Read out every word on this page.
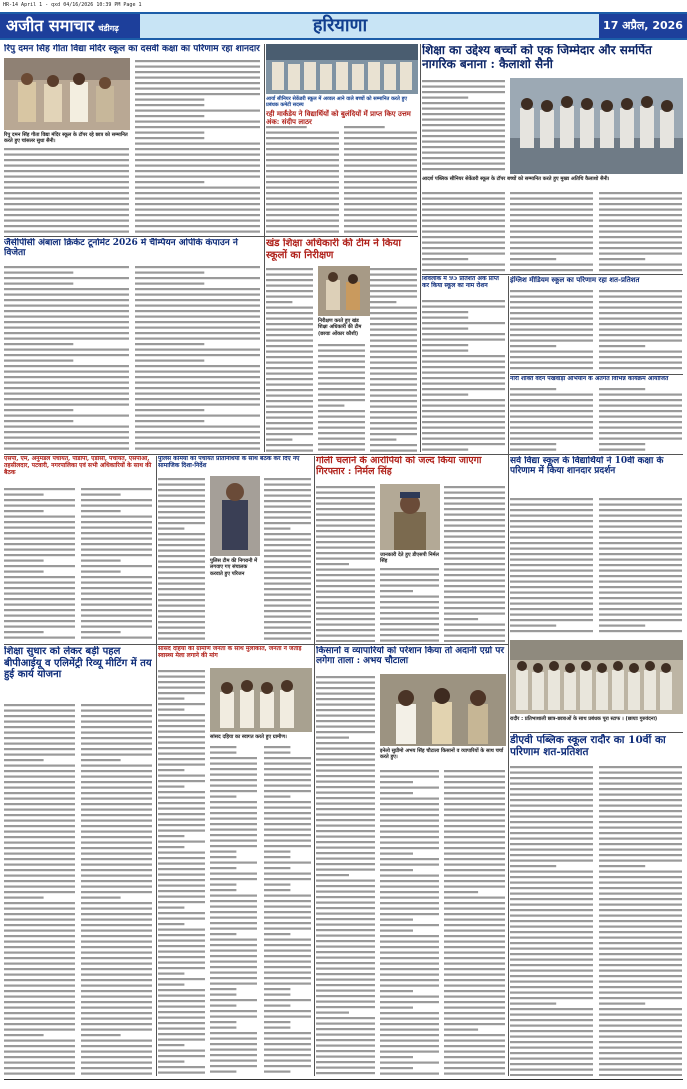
HR-14 April 1 - qxd 04/16/2026 10:39 PM Page 1
अजीत समाचार चंडीगढ़	हरियाणा	17 अप्रैल, 2026
रिपु दमन सिंह गीता विद्या मंदिर स्कूल का दसवीं कक्षा का परिणाम रहा शानदार
रिपु दमन सिंह गीता विद्या मंदिर स्कूल के टॉपर रहे छात्र को सम्मानित करते हुए चांसलर सुधा सैनी।
आर्या सीनियर सेकेंडरी स्कूल में अव्वल आने वाले बच्चों को सम्मानित करते हुए प्रबंधक कमेटी सदस्य
रही मार्कंडेय ने विद्यार्थियों को बुलंदियों में प्राप्त किए उत्तम अंक: संदीप लाठर
शिक्षा का उद्देश्य बच्चों को एक जिम्मेदार और समर्पित नागरिक बनाना : कैलाशो सैनी
आदर्श पब्लिक सीनियर सेकेंडरी स्कूल के टॉपर बच्चों को सम्मानित करते हुए मुख्य अतिथि कैलाशो सैनी।
जैसीपीसी अंबाला क्रिकेट टूर्नामेंट 2026 में चैम्पियन ओपीके कंपाउन ने विजेता
खंड शिक्षा अधिकारी की टीम ने किया स्कूलों का निरीक्षण
निरीक्षण करते हुए खंड शिक्षा अधिकारी की टीम (छायाः ओंकार कौशी)
शिवलोक में 95 प्रतिशत अंक प्राप्त कर किया स्कूल का नाम रोशन
इंग्लिश मीडियम स्कूल का परिणाम रहा शत-प्रतिशत
नारी शक्ति वंदन पखवाड़ा अभियान के अंतर्गत विभिन्न कार्यक्रम आयोजित
एसपी, एम, अनुमंडल पंचायत, पीडीपी, एडीसी, पंचायत, एसपीओ, तहसीलदार, पटवारी, नगरपालिका एवं सभी अधिकारियों के साथ की बैठक
पुलिस कर्मियों को पंचायत प्रतिनिधियों के साथ बैठक कर दिए नए सामाजिक दिशा-निर्देश
पुलिस टीम की निगरानी में लगवाए गए संचालक करवाते हुए परिजन
गोली चलाने के आरोपियों को जल्द किया जाएगा गिरफ्तार : निर्मल सिंह
जानकारी देते हुए डीएसपी निर्मल सिंह
सर्व विद्या स्कूल के विद्यार्थियों ने 10वीं कक्षा के परिणाम में किया शानदार प्रदर्शन
रादौर : प्रतिभाशाली छात्र-छात्राओं के साथ प्रबंधक पूरा स्टाफ । (छायाः गुरुवंदना)
शिक्षा सुधार को लेकर बड़ी पहल बीपीआईयू व एलिमेंट्री रिव्यू मीटिंग में तय हुई कार्य योजना
सांसद दहिया की ग्रामीण जनता के साथ मुलाकात, जनता ने जताई स्वास्थ्य मेला लगाने की मांग
सांसद दहिया का स्वागत करते हुए ग्रामीण।
किसानों व व्यापारियों को परेशान किया तो अदानी एग्रो पर लगेगा ताला : अभय चौटाला
इनेलो सुप्रीमो अभय सिंह चौटाला किसानों व व्यापारियों के साथ चर्चा करते हुए।
डीएवी पब्लिक स्कूल रादौर का 10वीं का परिणाम शत-प्रतिशत
